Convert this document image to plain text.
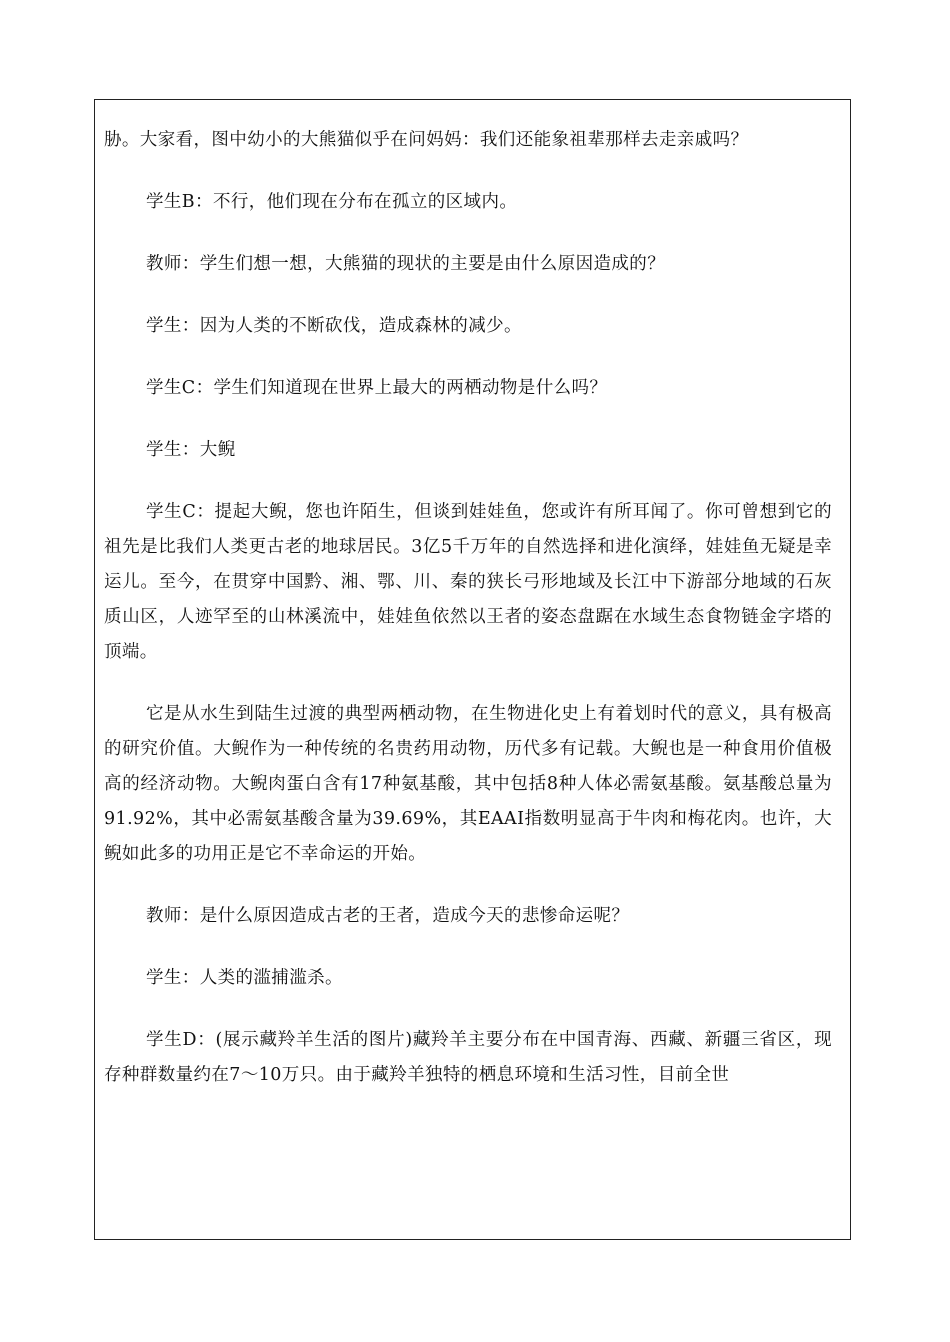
胁。大家看，图中幼小的大熊猫似乎在问妈妈：我们还能象祖辈那样去走亲戚吗？

学生B：不行，他们现在分布在孤立的区域内。

教师：学生们想一想，大熊猫的现状的主要是由什么原因造成的？

学生：因为人类的不断砍伐，造成森林的减少。

学生C：学生们知道现在世界上最大的两栖动物是什么吗？

学生：大鲵

学生C：提起大鲵，您也许陌生，但谈到娃娃鱼，您或许有所耳闻了。你可曾想到它的祖先是比我们人类更古老的地球居民。3亿5千万年的自然选择和进化演绎，娃娃鱼无疑是幸运儿。至今，在贯穿中国黔、湘、鄂、川、秦的狭长弓形地域及长江中下游部分地域的石灰质山区，人迹罕至的山林溪流中，娃娃鱼依然以王者的姿态盘踞在水域生态食物链金字塔的顶端。

它是从水生到陆生过渡的典型两栖动物，在生物进化史上有着划时代的意义，具有极高的研究价值。大鲵作为一种传统的名贵药用动物，历代多有记载。大鲵也是一种食用价值极高的经济动物。大鲵肉蛋白含有17种氨基酸，其中包括8种人体必需氨基酸。氨基酸总量为91.92%，其中必需氨基酸含量为39.69%，其EAAI指数明显高于牛肉和梅花肉。也许，大鲵如此多的功用正是它不幸命运的开始。

教师：是什么原因造成古老的王者，造成今天的悲惨命运呢？

学生：人类的滥捕滥杀。

学生D：(展示藏羚羊生活的图片)藏羚羊主要分布在中国青海、西藏、新疆三省区，现存种群数量约在7～10万只。由于藏羚羊独特的栖息环境和生活习性，目前全世
